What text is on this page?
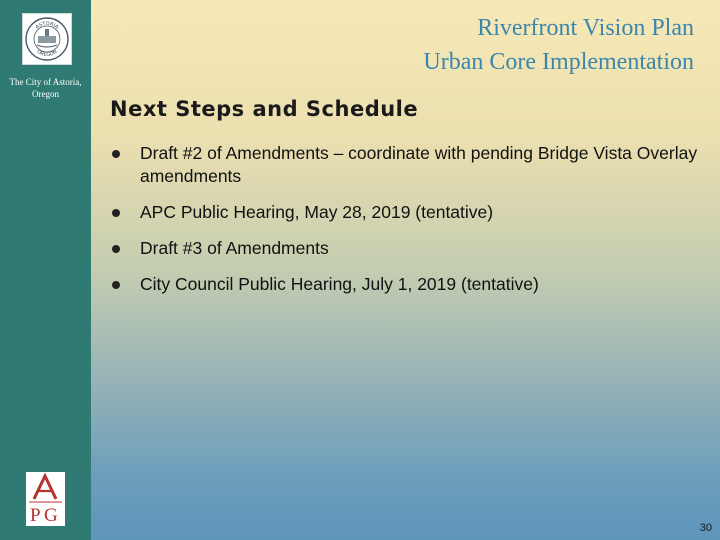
ASTORIA
OREGON
The City of Astoria, Oregon
P G
Riverfront Vision Plan
Urban Core Implementation
Next Steps and Schedule
Draft #2 of Amendments – coordinate with pending Bridge Vista Overlay amendments
APC Public Hearing, May 28, 2019 (tentative)
Draft #3 of Amendments
City Council Public Hearing, July 1, 2019 (tentative)
30
